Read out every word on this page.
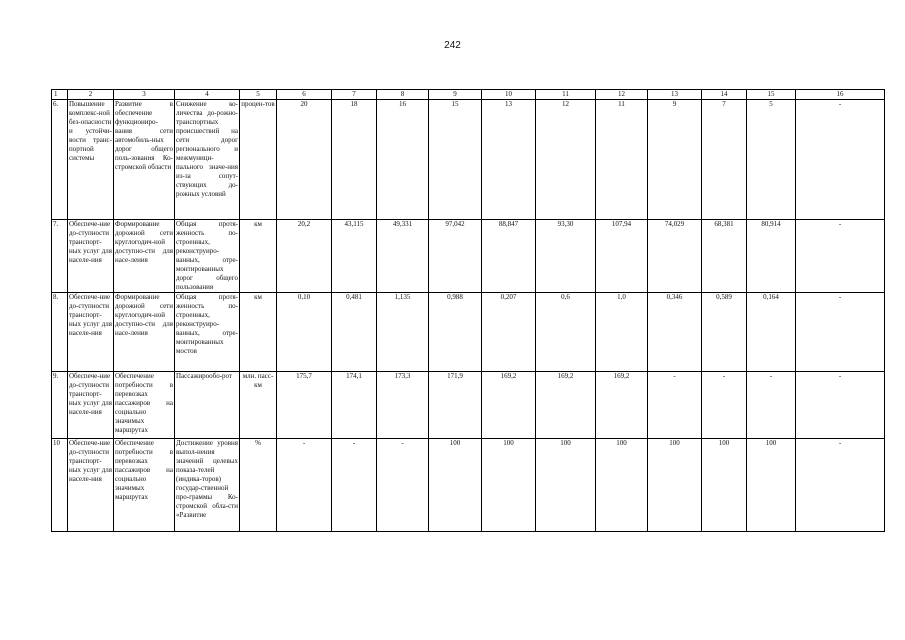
242
1	2	3	4	5	6	7	8	9	10	11	12	13	14	15	16
6.	Повышение комплекс-ной без-опасности и устойчи-вости транс-портной системы	Развитие в обеспечение функциониро-вания сети автомобиль-ных дорог общего поль-зования Ко-стромской области	Снижение ко-личества до-рожно-транспортных происшествий на сети дорог регионального и межмуници-пального значе-ния из-за сопут-ствующих до-рожных условий	процен-тов	20	18	16	15	13	12	11	9	7	5	-
7.	Обеспече-ние до-ступности транспорт-ных услуг для населе-ния	Формирование дорожной сети круглогодич-ной доступно-сти для насе-ления	Общая протя-женность по-строенных, реконструиро-ванных, отре-монтированных дорог общего пользования	км	20,2	43,115	49,331	97,042	88,847	93,30	107,94	74,029	68,381	80,914	-
8.	Обеспече-ние до-ступности транспорт-ных услуг для населе-ния	Формирование дорожной сети круглогодич-ной доступно-сти для насе-ления	Общая протя-женность по-строенных, реконструиро-ванных, отре-монтированных мостов	км	0,10	0,481	1,135	0,988	0,207	0,6	1,0	0,346	0,589	0,164	-
9.	Обеспече-ние до-ступности транспорт-ных услуг для населе-ния	Обеспечение потребности в перевозках пассажиров на социально значимых маршрутах	Пассажирообо-рот	млн. пасс-км	175,7	174,1	173,3	171,9	169,2	169,2	169,2	-	-	-	-
10	Обеспече-ние до-ступности транспорт-ных услуг для населе-ния	Обеспечение потребности в перевозках пассажиров на социально значимых маршрутах	Достижение уровня выпол-нения значений целевых показа-телей (индика-торов) государ-ственной про-граммы Ко-стромской обла-сти «Развитие	%	-	-	-	100	100	100	100	100	100	100	-
